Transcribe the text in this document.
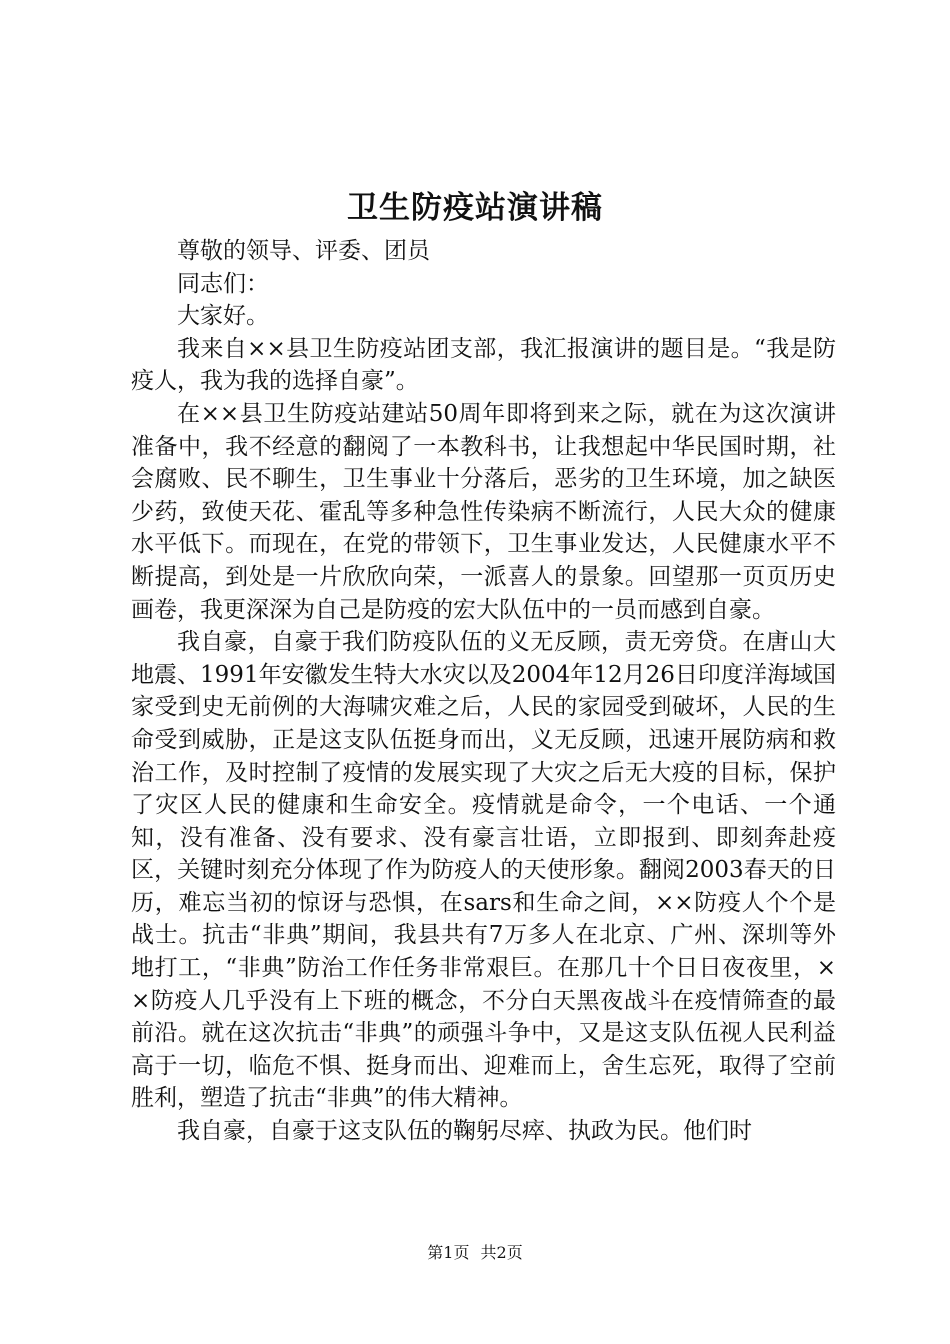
卫生防疫站演讲稿

尊敬的领导、评委、团员

同志们：

大家好。

我来自××县卫生防疫站团支部，我汇报演讲的题目是。“我是防疫人，我为我的选择自豪”。

在××县卫生防疫站建站50周年即将到来之际，就在为这次演讲准备中，我不经意的翻阅了一本教科书，让我想起中华民国时期，社会腐败、民不聊生，卫生事业十分落后，恶劣的卫生环境，加之缺医少药，致使天花、霍乱等多种急性传染病不断流行，人民大众的健康水平低下。而现在，在党的带领下，卫生事业发达，人民健康水平不断提高，到处是一片欣欣向荣，一派喜人的景象。回望那一页页历史画卷，我更深深为自己是防疫的宏大队伍中的一员而感到自豪。

我自豪，自豪于我们防疫队伍的义无反顾，责无旁贷。在唐山大地震、1991年安徽发生特大水灾以及2004年12月26日印度洋海域国家受到史无前例的大海啸灾难之后，人民的家园受到破坏，人民的生命受到威胁，正是这支队伍挺身而出，义无反顾，迅速开展防病和救治工作，及时控制了疫情的发展实现了大灾之后无大疫的目标，保护了灾区人民的健康和生命安全。疫情就是命令，一个电话、一个通知，没有准备、没有要求、没有豪言壮语，立即报到、即刻奔赴疫区，关键时刻充分体现了作为防疫人的天使形象。翻阅2003春天的日历，难忘当初的惊讶与恐惧，在sars和生命之间，××防疫人个个是战士。抗击“非典”期间，我县共有7万多人在北京、广州、深圳等外地打工，“非典”防治工作任务非常艰巨。在那几十个日日夜夜里，××防疫人几乎没有上下班的概念，不分白天黑夜战斗在疫情筛查的最前沿。就在这次抗击“非典”的顽强斗争中，又是这支队伍视人民利益高于一切，临危不惧、挺身而出、迎难而上，舍生忘死，取得了空前胜利，塑造了抗击“非典”的伟大精神。

我自豪，自豪于这支队伍的鞠躬尽瘁、执政为民。他们时

第1页 共2页
